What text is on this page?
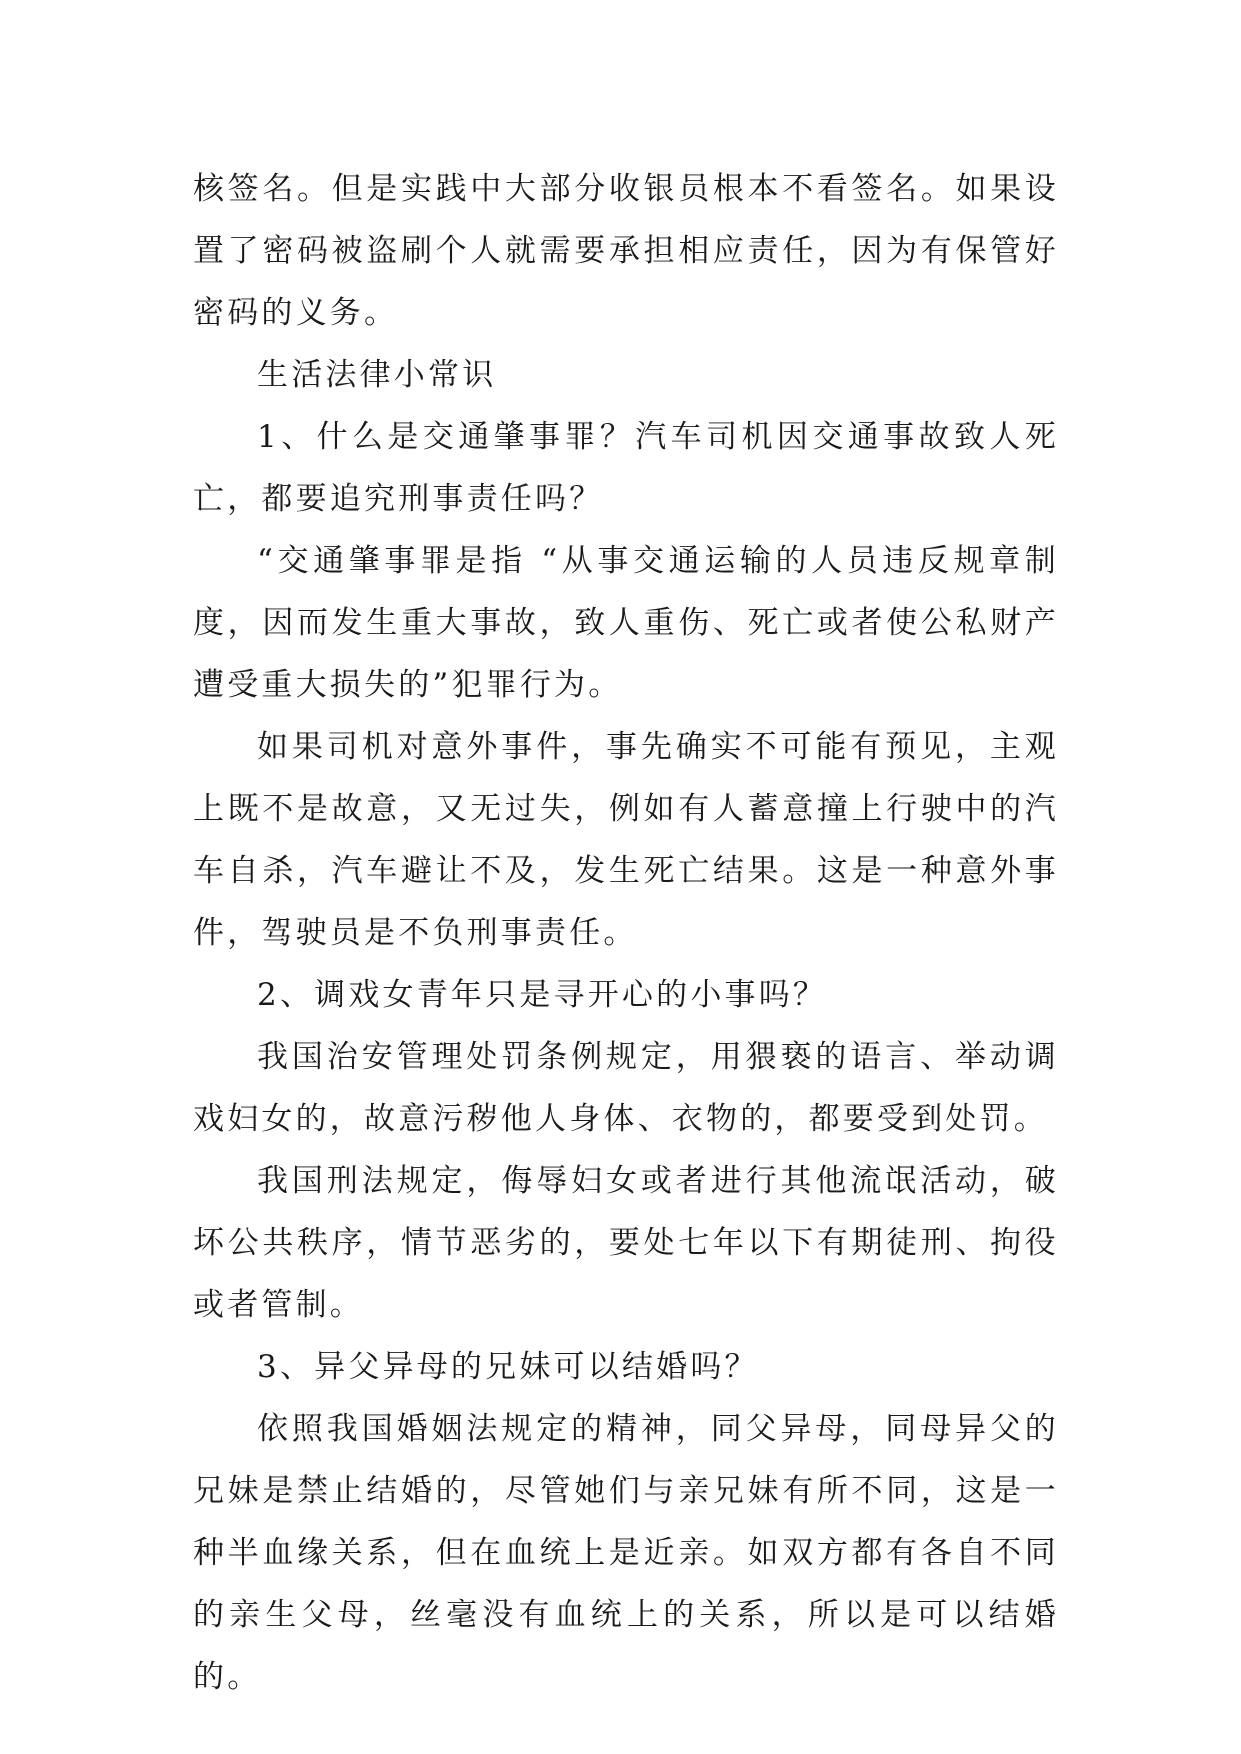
核签名。但是实践中大部分收银员根本不看签名。如果设置了密码被盗刷个人就需要承担相应责任，因为有保管好密码的义务。

生活法律小常识

1、什么是交通肇事罪？汽车司机因交通事故致人死亡，都要追究刑事责任吗？

“交通肇事罪是指 “从事交通运输的人员违反规章制度，因而发生重大事故，致人重伤、死亡或者使公私财产遭受重大损失的”犯罪行为。

如果司机对意外事件，事先确实不可能有预见，主观上既不是故意，又无过失，例如有人蓄意撞上行驶中的汽车自杀，汽车避让不及，发生死亡结果。这是一种意外事件，驾驶员是不负刑事责任。

2、调戏女青年只是寻开心的小事吗？

我国治安管理处罚条例规定，用猥亵的语言、举动调戏妇女的，故意污秽他人身体、衣物的，都要受到处罚。

我国刑法规定，侮辱妇女或者进行其他流氓活动，破坏公共秩序，情节恶劣的，要处七年以下有期徒刑、拘役或者管制。

3、异父异母的兄妹可以结婚吗？

依照我国婚姻法规定的精神，同父异母，同母异父的兄妹是禁止结婚的，尽管她们与亲兄妹有所不同，这是一种半血缘关系，但在血统上是近亲。如双方都有各自不同的亲生父母，丝毫没有血统上的关系，所以是可以结婚的。
